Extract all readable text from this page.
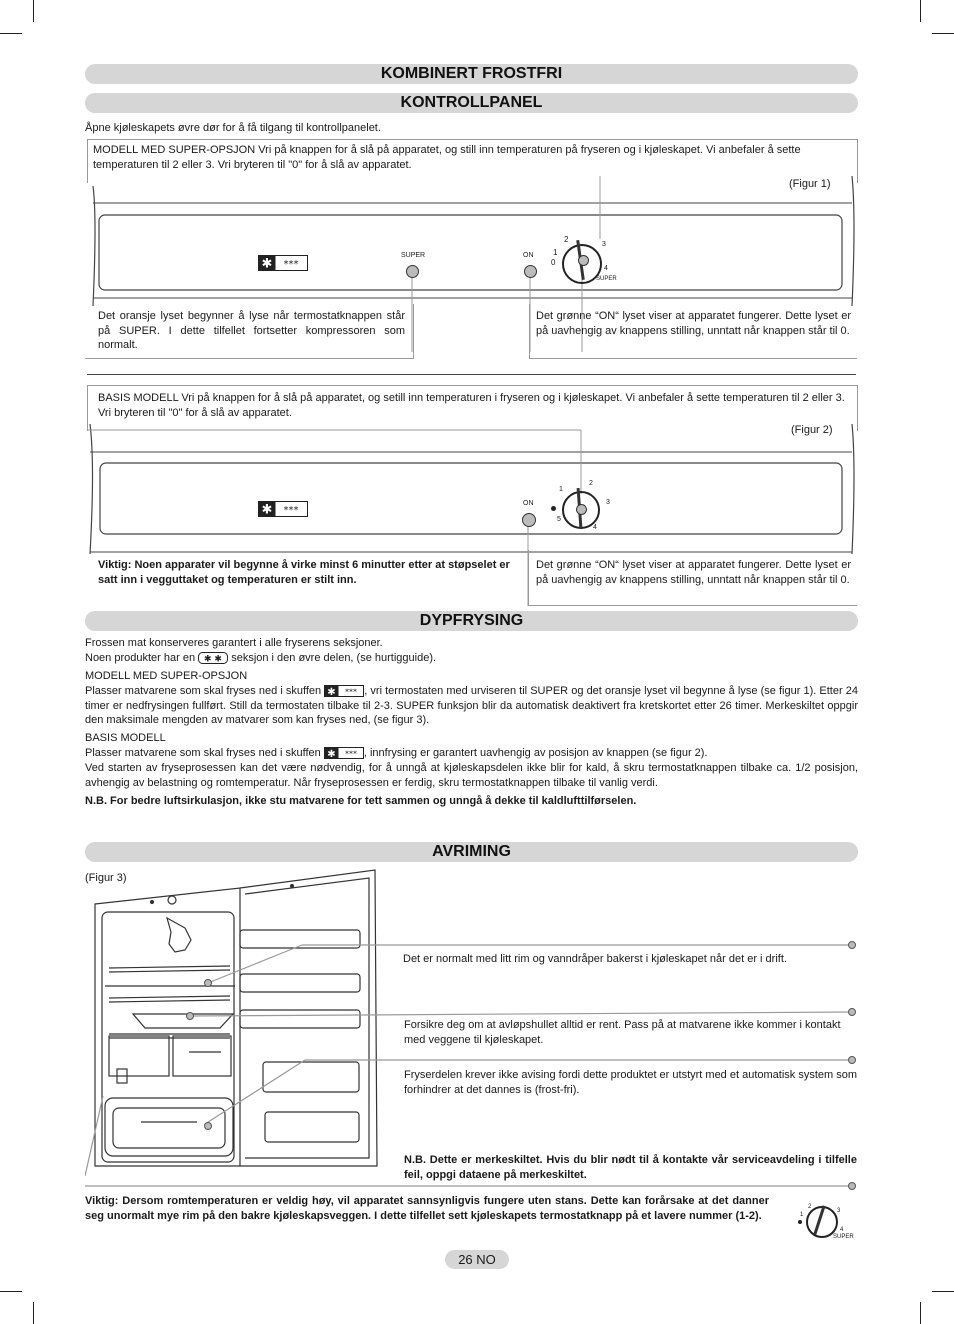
KOMBINERT FROSTFRI
KONTROLLPANEL
Åpne kjøleskapets øvre dør for å få tilgang til kontrollpanelet.
MODELL MED SUPER-OPSJON Vri på knappen for å slå på apparatet, og still inn temperaturen på fryseren og i kjøleskapet. Vi anbefaler å sette temperaturen til 2 eller 3. Vri bryteren til "0" for å slå av apparatet.
(Figur 1)
✱ ***
SUPER	ON
2
1
0
3
4
SUPER
Det oransje lyset begynner å lyse når termostatknappen står på SUPER. I dette tilfellet fortsetter kompressoren som normalt.
Det grønne “ON“ lyset viser at apparatet fungerer. Dette lyset er på uavhengig av knappens stilling, unntatt når knappen står til 0.
BASIS MODELL Vri på knappen for å slå på apparatet, og setill inn temperaturen i fryseren og i kjøleskapet. Vi anbefaler å sette temperaturen til 2 eller 3. Vri bryteren til "0" for å slå av apparatet.
(Figur 2)
✱ ***
ON
1
2
3
4
5
Viktig: Noen apparater vil begynne å virke minst 6 minutter etter at støpselet er satt inn i vegguttaket og temperaturen er stilt inn.
Det grønne “ON“ lyset viser at apparatet fungerer. Dette lyset er på uavhengig av knappens stilling, unntatt når knappen står til 0.
DYPFRYSING
Frossen mat konserveres garantert i alle fryserens seksjoner.
Noen produkter har en ✱ ✱ seksjon i den øvre delen, (se hurtigguide).
MODELL MED SUPER-OPSJON
Plasser matvarene som skal fryses ned i skuffen ✱ *** , vri termostaten med urviseren til SUPER og det oransje lyset vil begynne å lyse (se figur 1). Etter 24 timer er nedfrysingen fullført. Still da termostaten tilbake til 2-3. SUPER funksjon blir da automatisk deaktivert fra kretskortet etter 26 timer. Merkeskiltet oppgir den maksimale mengden av matvarer som kan fryses ned, (se figur 3).
BASIS MODELL
Plasser matvarene som skal fryses ned i skuffen ✱ *** , innfrysing er garantert uavhengig av posisjon av knappen (se figur 2).
Ved starten av fryseprosessen kan det være nødvendig, for å unngå at kjøleskapsdelen ikke blir for kald, å skru termostatknappen tilbake ca. 1/2 posisjon, avhengig av belastning og romtemperatur. Når fryseprosessen er ferdig, skru termostatknappen tilbake til vanlig verdi.
N.B. For bedre luftsirkulasjon, ikke stu matvarene for tett sammen og unngå å dekke til kaldlufttilførselen.
AVRIMING
(Figur 3)
Det er normalt med litt rim og vanndråper bakerst i kjøleskapet når det er i drift.
Forsikre deg om at avløpshullet alltid er rent. Pass på at matvarene ikke kommer i kontakt med veggene til kjøleskapet.
Fryserdelen krever ikke avising fordi dette produktet er utstyrt med et automatisk system som forhindrer at det dannes is (frost-fri).
N.B. Dette er merkeskiltet. Hvis du blir nødt til å kontakte vår serviceavdeling i tilfelle feil, oppgi dataene på merkeskiltet.
Viktig: Dersom romtemperaturen er veldig høy, vil apparatet sannsynligvis fungere uten stans. Dette kan forårsake at det danner seg unormalt mye rim på den bakre kjøleskapsveggen. I dette tilfellet sett kjøleskapets termostatknapp på et lavere nummer (1-2).	1
2
3
4
SUPER
26 NO
